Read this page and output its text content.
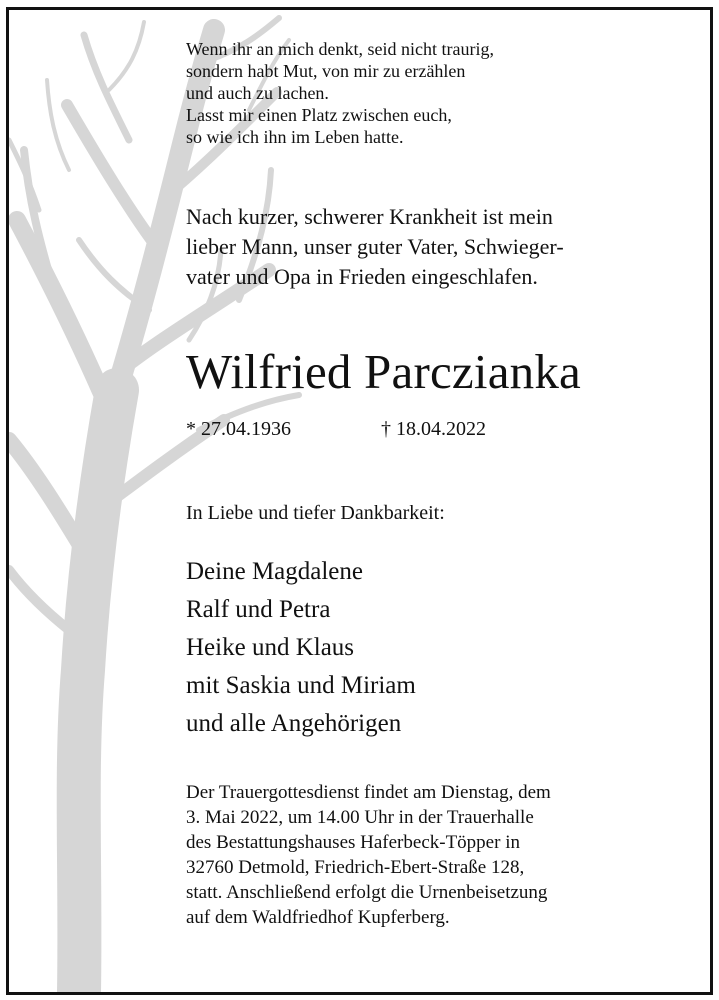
Wenn ihr an mich denkt, seid nicht traurig,
sondern habt Mut, von mir zu erzählen
und auch zu lachen.
Lasst mir einen Platz zwischen euch,
so wie ich ihn im Leben hatte.
Nach kurzer, schwerer Krankheit ist mein
lieber Mann, unser guter Vater, Schwieger-
vater und Opa in Frieden eingeschlafen.
Wilfried Parczianka
* 27.04.1936	† 18.04.2022
In Liebe und tiefer Dankbarkeit:
Deine Magdalene
Ralf und Petra
Heike und Klaus
mit Saskia und Miriam
und alle Angehörigen
Der Trauergottesdienst findet am Dienstag, dem
3. Mai 2022, um 14.00 Uhr in der Trauerhalle
des Bestattungshauses Haferbeck-Töpper in
32760 Detmold, Friedrich-Ebert-Straße 128,
statt. Anschließend erfolgt die Urnenbeisetzung
auf dem Waldfriedhof Kupferberg.
